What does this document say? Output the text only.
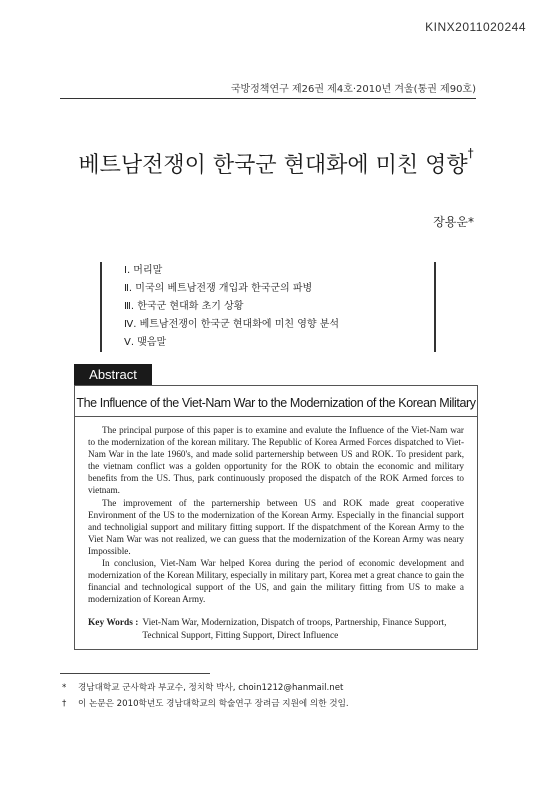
KINX2011020244
국방정책연구 제26권 제4호·2010년 겨울(통권 제90호)
베트남전쟁이 한국군 현대화에 미친 영향†
장용운*
Ⅰ. 머리말
Ⅱ. 미국의 베트남전쟁 개입과 한국군의 파병
Ⅲ. 한국군 현대화 초기 상황
Ⅳ. 베트남전쟁이 한국군 현대화에 미친 영향 분석
Ⅴ. 맺음말
Abstract
The Influence of the Viet-Nam War to the Modernization of the Korean Military

The principal purpose of this paper is to examine and evalute the Influence of the Viet-Nam war to the modernization of the korean military. The Republic of Korea Armed Forces dispatched to Viet-Nam War in the late 1960's, and made solid parternership between US and ROK. To president park, the vietnam conflict was a golden opportunity for the ROK to obtain the economic and military benefits from the US. Thus, park continuously proposed the dispatch of the ROK Armed forces to vietnam.

The improvement of the parternership between US and ROK made great cooperative Environment of the US to the modernization of the Korean Army. Especially in the financial support and technoligial support and military fitting support. If the dispatchment of the Korean Army to the Viet Nam War was not realized, we can guess that the modernization of the Korean Army was neary Impossible.

In conclusion, Viet-Nam War helped Korea during the period of economic development and modernization of the Korean Military, especially in military part, Korea met a great chance to gain the financial and technological support of the US, and gain the military fitting from US to make a modernization of Korean Army.

Key Words : Viet-Nam War, Modernization, Dispatch of troops, Partnership, Finance Support, Technical Support, Fitting Support, Direct Influence
*	경남대학교 군사학과 부교수, 정치학 박사, choin1212@hanmail.net
†	이 논문은 2010학년도 경남대학교의 학술연구 장려금 지원에 의한 것임.
